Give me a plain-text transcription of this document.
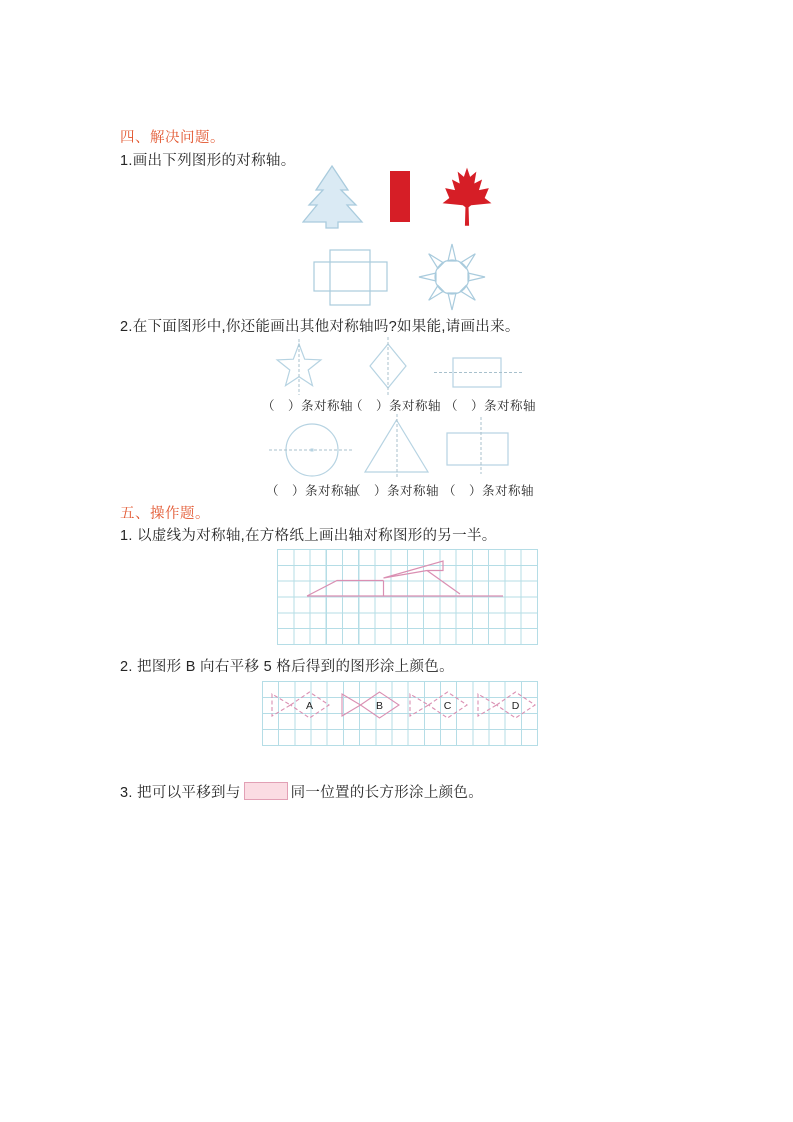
四、解决问题。
1.画出下列图形的对称轴。
2.在下面图形中,你还能画出其他对称轴吗?如果能,请画出来。
（　）条对称轴
（　）条对称轴 （　）条对称轴
（　）条对称轴
（　）条对称轴 （　）条对称轴
五、操作题。
1. 以虚线为对称轴,在方格纸上画出轴对称图形的另一半。
2. 把图形 B 向右平移 5 格后得到的图形涂上颜色。
A	B	C	D
3. 把可以平移到与	同一位置的长方形涂上颜色。
